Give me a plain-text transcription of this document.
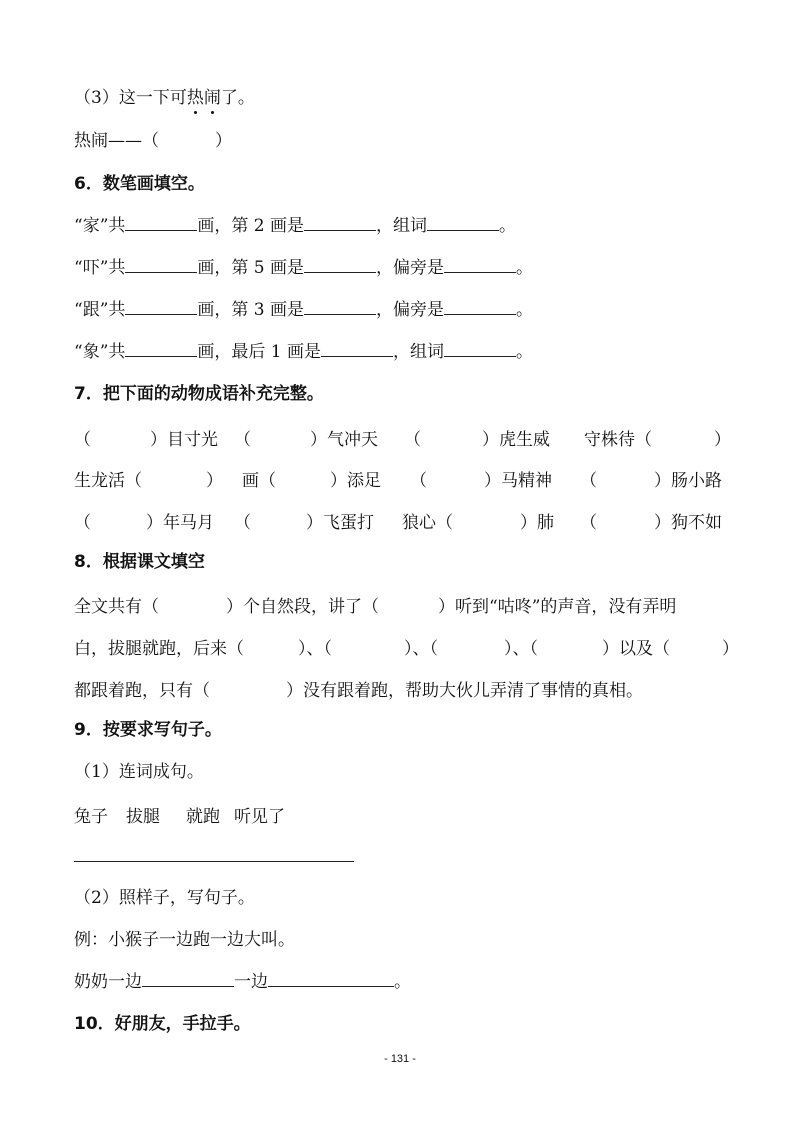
（3）这一下可热闹了。
热闹——（	）
6．数笔画填空。
“家”共	画，第 2 画是	，组词	。
“吓”共	画，第 5 画是	，偏旁是	。
“跟”共	画，第 3 画是	，偏旁是	。
“象”共	画，最后 1 画是	，组词	。
7．把下面的动物成语补充完整。
（	）目寸光 （	）气冲天 （	）虎生威 守株待（	）
生龙活（	） 画（	）添足 （	）马精神 （	）肠小路
（	）年马月 （	）飞蛋打 狼心（	）肺 （	）狗不如
8．根据课文填空
全文共有（	）个自然段，讲了（	）听到“咕咚”的声音，没有弄明
白，拔腿就跑，后来（	）、（	）、（	）、（	）以及（	）
都跟着跑，只有（	）没有跟着跑，帮助大伙儿弄清了事情的真相。
9．按要求写句子。
（1）连词成句。
兔子 拔腿 就跑 听见了
（2）照样子，写句子。
例：小猴子一边跑一边大叫。
奶奶一边	一边	。
10．好朋友，手拉手。
- 131 -
